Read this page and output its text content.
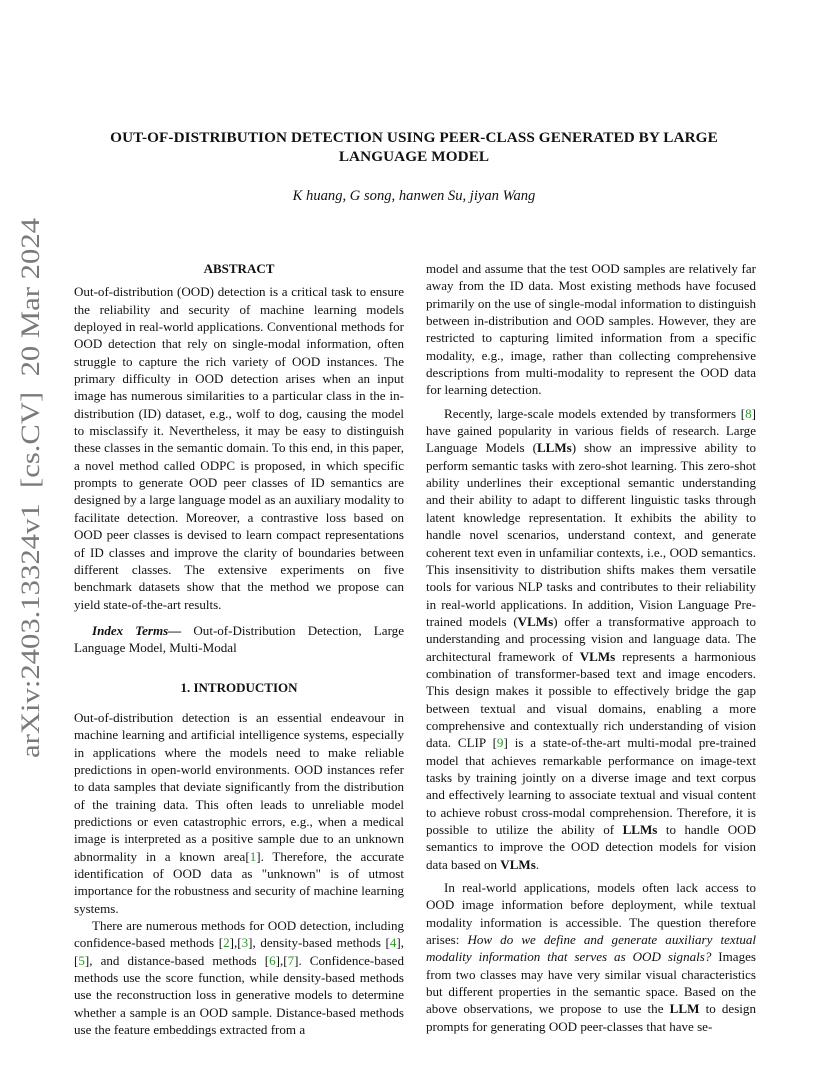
arXiv:2403.13324v1  [cs.CV]  20 Mar 2024
OUT-OF-DISTRIBUTION DETECTION USING PEER-CLASS GENERATED BY LARGE LANGUAGE MODEL
K huang, G song, hanwen Su, jiyan Wang
ABSTRACT

Out-of-distribution (OOD) detection is a critical task to ensure the reliability and security of machine learning models deployed in real-world applications. Conventional methods for OOD detection that rely on single-modal information, often struggle to capture the rich variety of OOD instances. The primary difficulty in OOD detection arises when an input image has numerous similarities to a particular class in the in-distribution (ID) dataset, e.g., wolf to dog, causing the model to misclassify it. Nevertheless, it may be easy to distinguish these classes in the semantic domain. To this end, in this paper, a novel method called ODPC is proposed, in which specific prompts to generate OOD peer classes of ID semantics are designed by a large language model as an auxiliary modality to facilitate detection. Moreover, a contrastive loss based on OOD peer classes is devised to learn compact representations of ID classes and improve the clarity of boundaries between different classes. The extensive experiments on five benchmark datasets show that the method we propose can yield state-of-the-art results.

Index Terms— Out-of-Distribution Detection, Large Language Model, Multi-Modal

1. INTRODUCTION

Out-of-distribution detection is an essential endeavour in machine learning and artificial intelligence systems, especially in applications where the models need to make reliable predictions in open-world environments. OOD instances refer to data samples that deviate significantly from the distribution of the training data. This often leads to unreliable model predictions or even catastrophic errors, e.g., when a medical image is interpreted as a positive sample due to an unknown abnormality in a known area[1]. Therefore, the accurate identification of OOD data as "unknown" is of utmost importance for the robustness and security of machine learning systems.

There are numerous methods for OOD detection, including confidence-based methods [2],[3], density-based methods [4],[5], and distance-based methods [6],[7]. Confidence-based methods use the score function, while density-based methods use the reconstruction loss in generative models to determine whether a sample is an OOD sample. Distance-based methods use the feature embeddings extracted from a

model and assume that the test OOD samples are relatively far away from the ID data. Most existing methods have focused primarily on the use of single-modal information to distinguish between in-distribution and OOD samples. However, they are restricted to capturing limited information from a specific modality, e.g., image, rather than collecting comprehensive descriptions from multi-modality to represent the OOD data for learning detection.

Recently, large-scale models extended by transformers [8] have gained popularity in various fields of research. Large Language Models (LLMs) show an impressive ability to perform semantic tasks with zero-shot learning. This zero-shot ability underlines their exceptional semantic understanding and their ability to adapt to different linguistic tasks through latent knowledge representation. It exhibits the ability to handle novel scenarios, understand context, and generate coherent text even in unfamiliar contexts, i.e., OOD semantics. This insensitivity to distribution shifts makes them versatile tools for various NLP tasks and contributes to their reliability in real-world applications. In addition, Vision Language Pre-trained models (VLMs) offer a transformative approach to understanding and processing vision and language data. The architectural framework of VLMs represents a harmonious combination of transformer-based text and image encoders. This design makes it possible to effectively bridge the gap between textual and visual domains, enabling a more comprehensive and contextually rich understanding of vision data. CLIP [9] is a state-of-the-art multi-modal pre-trained model that achieves remarkable performance on image-text tasks by training jointly on a diverse image and text corpus and effectively learning to associate textual and visual content to achieve robust cross-modal comprehension. Therefore, it is possible to utilize the ability of LLMs to handle OOD semantics to improve the OOD detection models for vision data based on VLMs.

In real-world applications, models often lack access to OOD image information before deployment, while textual modality information is accessible. The question therefore arises: How do we define and generate auxiliary textual modality information that serves as OOD signals? Images from two classes may have very similar visual characteristics but different properties in the semantic space. Based on the above observations, we propose to use the LLM to design prompts for generating OOD peer-classes that have se-
